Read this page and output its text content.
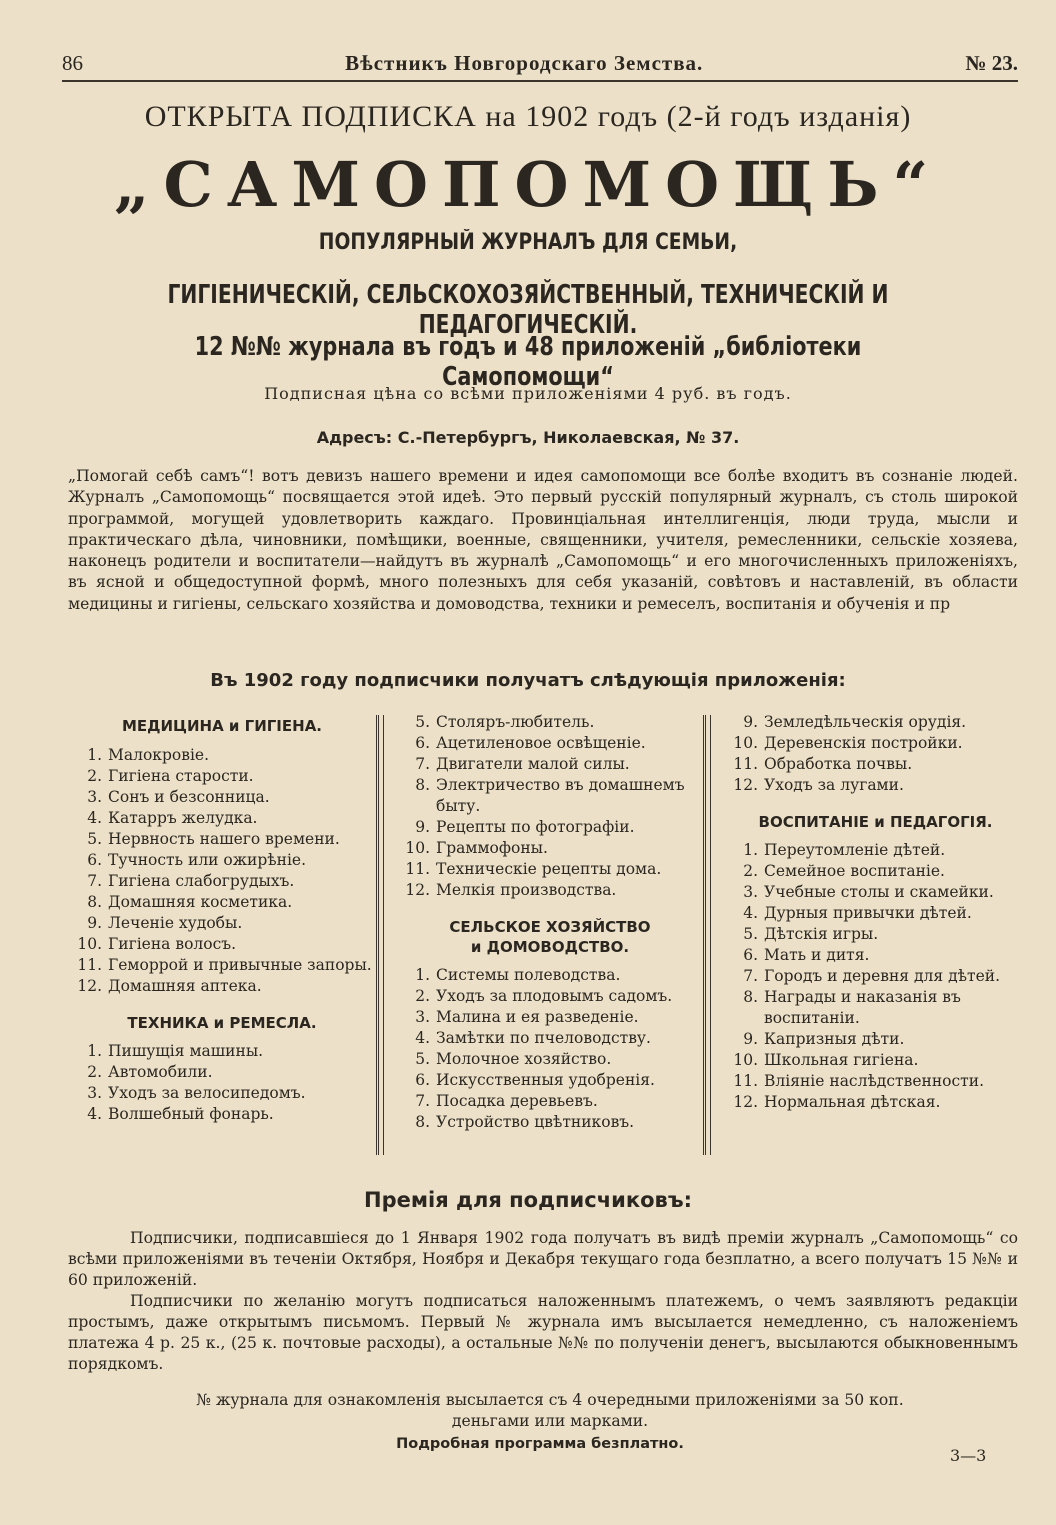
86	Вѣстникъ Новгородскаго Земства.	№ 23.
ОТКРЫТА ПОДПИСКА на 1902 годъ (2-й годъ изданія)
„САМОПОМОЩЬ“
ПОПУЛЯРНЫЙ ЖУРНАЛЪ ДЛЯ СЕМЬИ,
ГИГІЕНИЧЕСКІЙ, СЕЛЬСКОХОЗЯЙСТВЕННЫЙ, ТЕХНИЧЕСКІЙ И ПЕДАГОГИЧЕСКІЙ.
12 №№ журнала въ годъ и 48 приложеній „библіотеки Самопомощи“
Подписная цѣна со всѣми приложеніями 4 руб. въ годъ.
Адресъ: С.-Петербургъ, Николаевская, № 37.
„Помогай себѣ самъ“! вотъ девизъ нашего времени и идея самопомощи все болѣе входитъ въ сознаніе людей. Журналъ „Самопомощь“ посвящается этой идеѣ. Это первый русскій популярный журналъ, съ столь широкой программой, могущей удовлетворить каждаго. Провинціальная интеллигенція, люди труда, мысли и практическаго дѣла, чиновники, помѣщики, военные, священники, учителя, ремесленники, сельскіе хозяева, наконецъ родители и воспитатели—найдутъ въ журналѣ „Самопомощь“ и его многочисленныхъ приложеніяхъ, въ ясной и общедоступной формѣ, много полезныхъ для себя указаній, совѣтовъ и наставленій, въ области медицины и гигіены, сельскаго хозяйства и домоводства, техники и ремеселъ, воспитанія и обученія и пр
Въ 1902 году подписчики получатъ слѣдующія приложенія:
МЕДИЦИНА и ГИГІЕНА.
1. Малокровіе.
2. Гигіена старости.
3. Сонъ и безсонница.
4. Катарръ желудка.
5. Нервность нашего времени.
6. Тучность или ожирѣніе.
7. Гигіена слабогрудыхъ.
8. Домашняя косметика.
9. Леченіе худобы.
10. Гигіена волосъ.
11. Геморрой и привычные запоры.
12. Домашняя аптека.
ТЕХНИКА и РЕМЕСЛА.
1. Пишущія машины.
2. Автомобили.
3. Уходъ за велосипедомъ.
4. Волшебный фонарь.
5. Столяръ-любитель.
6. Ацетиленовое освѣщеніе.
7. Двигатели малой силы.
8. Электричество въ домашнемъ быту.
9. Рецепты по фотографіи.
10. Граммофоны.
11. Техническіе рецепты дома.
12. Мелкія производства.
СЕЛЬСКОЕ ХОЗЯЙСТВО
и ДОМОВОДСТВО.
1. Системы полеводства.
2. Уходъ за плодовымъ садомъ.
3. Малина и ея разведеніе.
4. Замѣтки по пчеловодству.
5. Молочное хозяйство.
6. Искусственныя удобренія.
7. Посадка деревьевъ.
8. Устройство цвѣтниковъ.
9. Земледѣльческія орудія.
10. Деревенскія постройки.
11. Обработка почвы.
12. Уходъ за лугами.
ВОСПИТАНІЕ и ПЕДАГОГІЯ.
1. Переутомленіе дѣтей.
2. Семейное воспитаніе.
3. Учебные столы и скамейки.
4. Дурныя привычки дѣтей.
5. Дѣтскія игры.
6. Мать и дитя.
7. Городъ и деревня для дѣтей.
8. Награды и наказанія въ воспитаніи.
9. Капризныя дѣти.
10. Школьная гигіена.
11. Вліяніе наслѣдственности.
12. Нормальная дѣтская.
Премія для подписчиковъ:

Подписчики, подписавшіеся до 1 Января 1902 года получатъ въ видѣ преміи журналъ „Самопомощь“ со всѣми приложеніями въ теченіи Октября, Ноября и Декабря текущаго года безплатно, а всего получатъ 15 №№ и 60 приложеній.

Подписчики по желанію могутъ подписаться наложеннымъ платежемъ, о чемъ заявляютъ редакціи простымъ, даже открытымъ письмомъ. Первый № журнала имъ высылается немедленно, съ наложеніемъ платежа 4 р. 25 к., (25 к. почтовые расходы), а остальные №№ по полученіи денегъ, высылаются обыкновеннымъ порядкомъ.

№ журнала для ознакомленія высылается съ 4 очередными приложеніями за 50 коп.
деньгами или марками.
Подробная программа безплатно.
3—3
